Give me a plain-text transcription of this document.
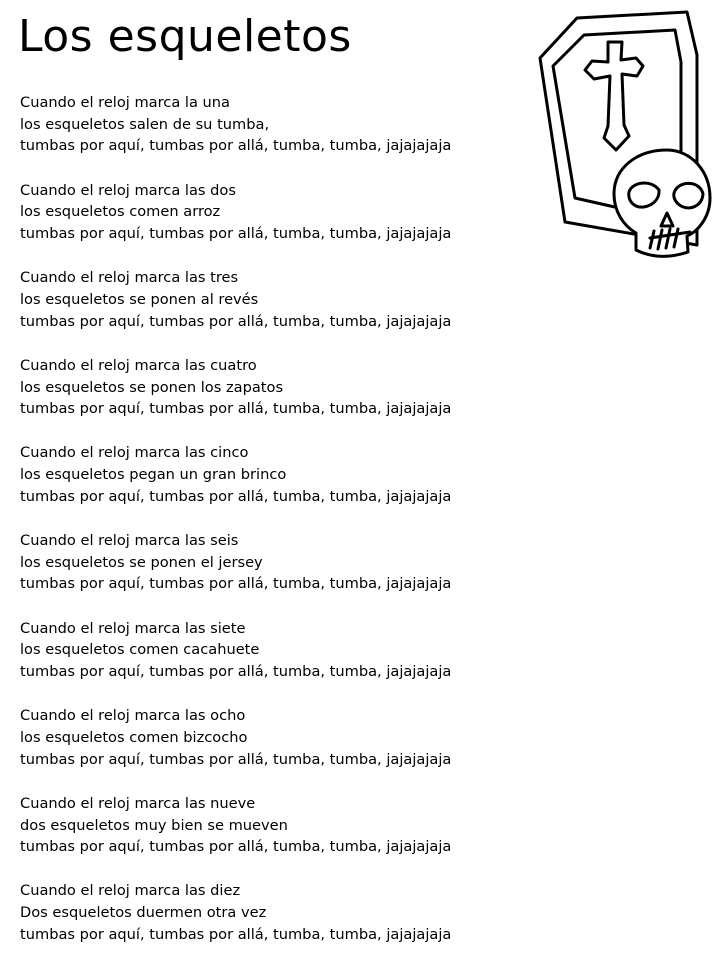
Los esqueletos
Cuando el reloj marca la una
los esqueletos salen de su tumba,
tumbas por aquí, tumbas por allá, tumba, tumba, jajajajaja
Cuando el reloj marca las dos
los esqueletos comen arroz
tumbas por aquí, tumbas por allá, tumba, tumba, jajajajaja
Cuando el reloj marca las tres
los esqueletos se ponen al revés
tumbas por aquí, tumbas por allá, tumba, tumba, jajajajaja
Cuando el reloj marca las cuatro
los esqueletos se ponen los zapatos
tumbas por aquí, tumbas por allá, tumba, tumba, jajajajaja
Cuando el reloj marca las cinco
los esqueletos pegan un gran brinco
tumbas por aquí, tumbas por allá, tumba, tumba, jajajajaja
Cuando el reloj marca las seis
los esqueletos se ponen el jersey
tumbas por aquí, tumbas por allá, tumba, tumba, jajajajaja
Cuando el reloj marca las siete
los esqueletos comen cacahuete
tumbas por aquí, tumbas por allá, tumba, tumba, jajajajaja
Cuando el reloj marca las ocho
los esqueletos comen bizcocho
tumbas por aquí, tumbas por allá, tumba, tumba, jajajajaja
Cuando el reloj marca las nueve
dos esqueletos muy bien se mueven
tumbas por aquí, tumbas por allá, tumba, tumba, jajajajaja
Cuando el reloj marca las diez
Dos esqueletos duermen otra vez
tumbas por aquí, tumbas por allá, tumba, tumba, jajajajaja
